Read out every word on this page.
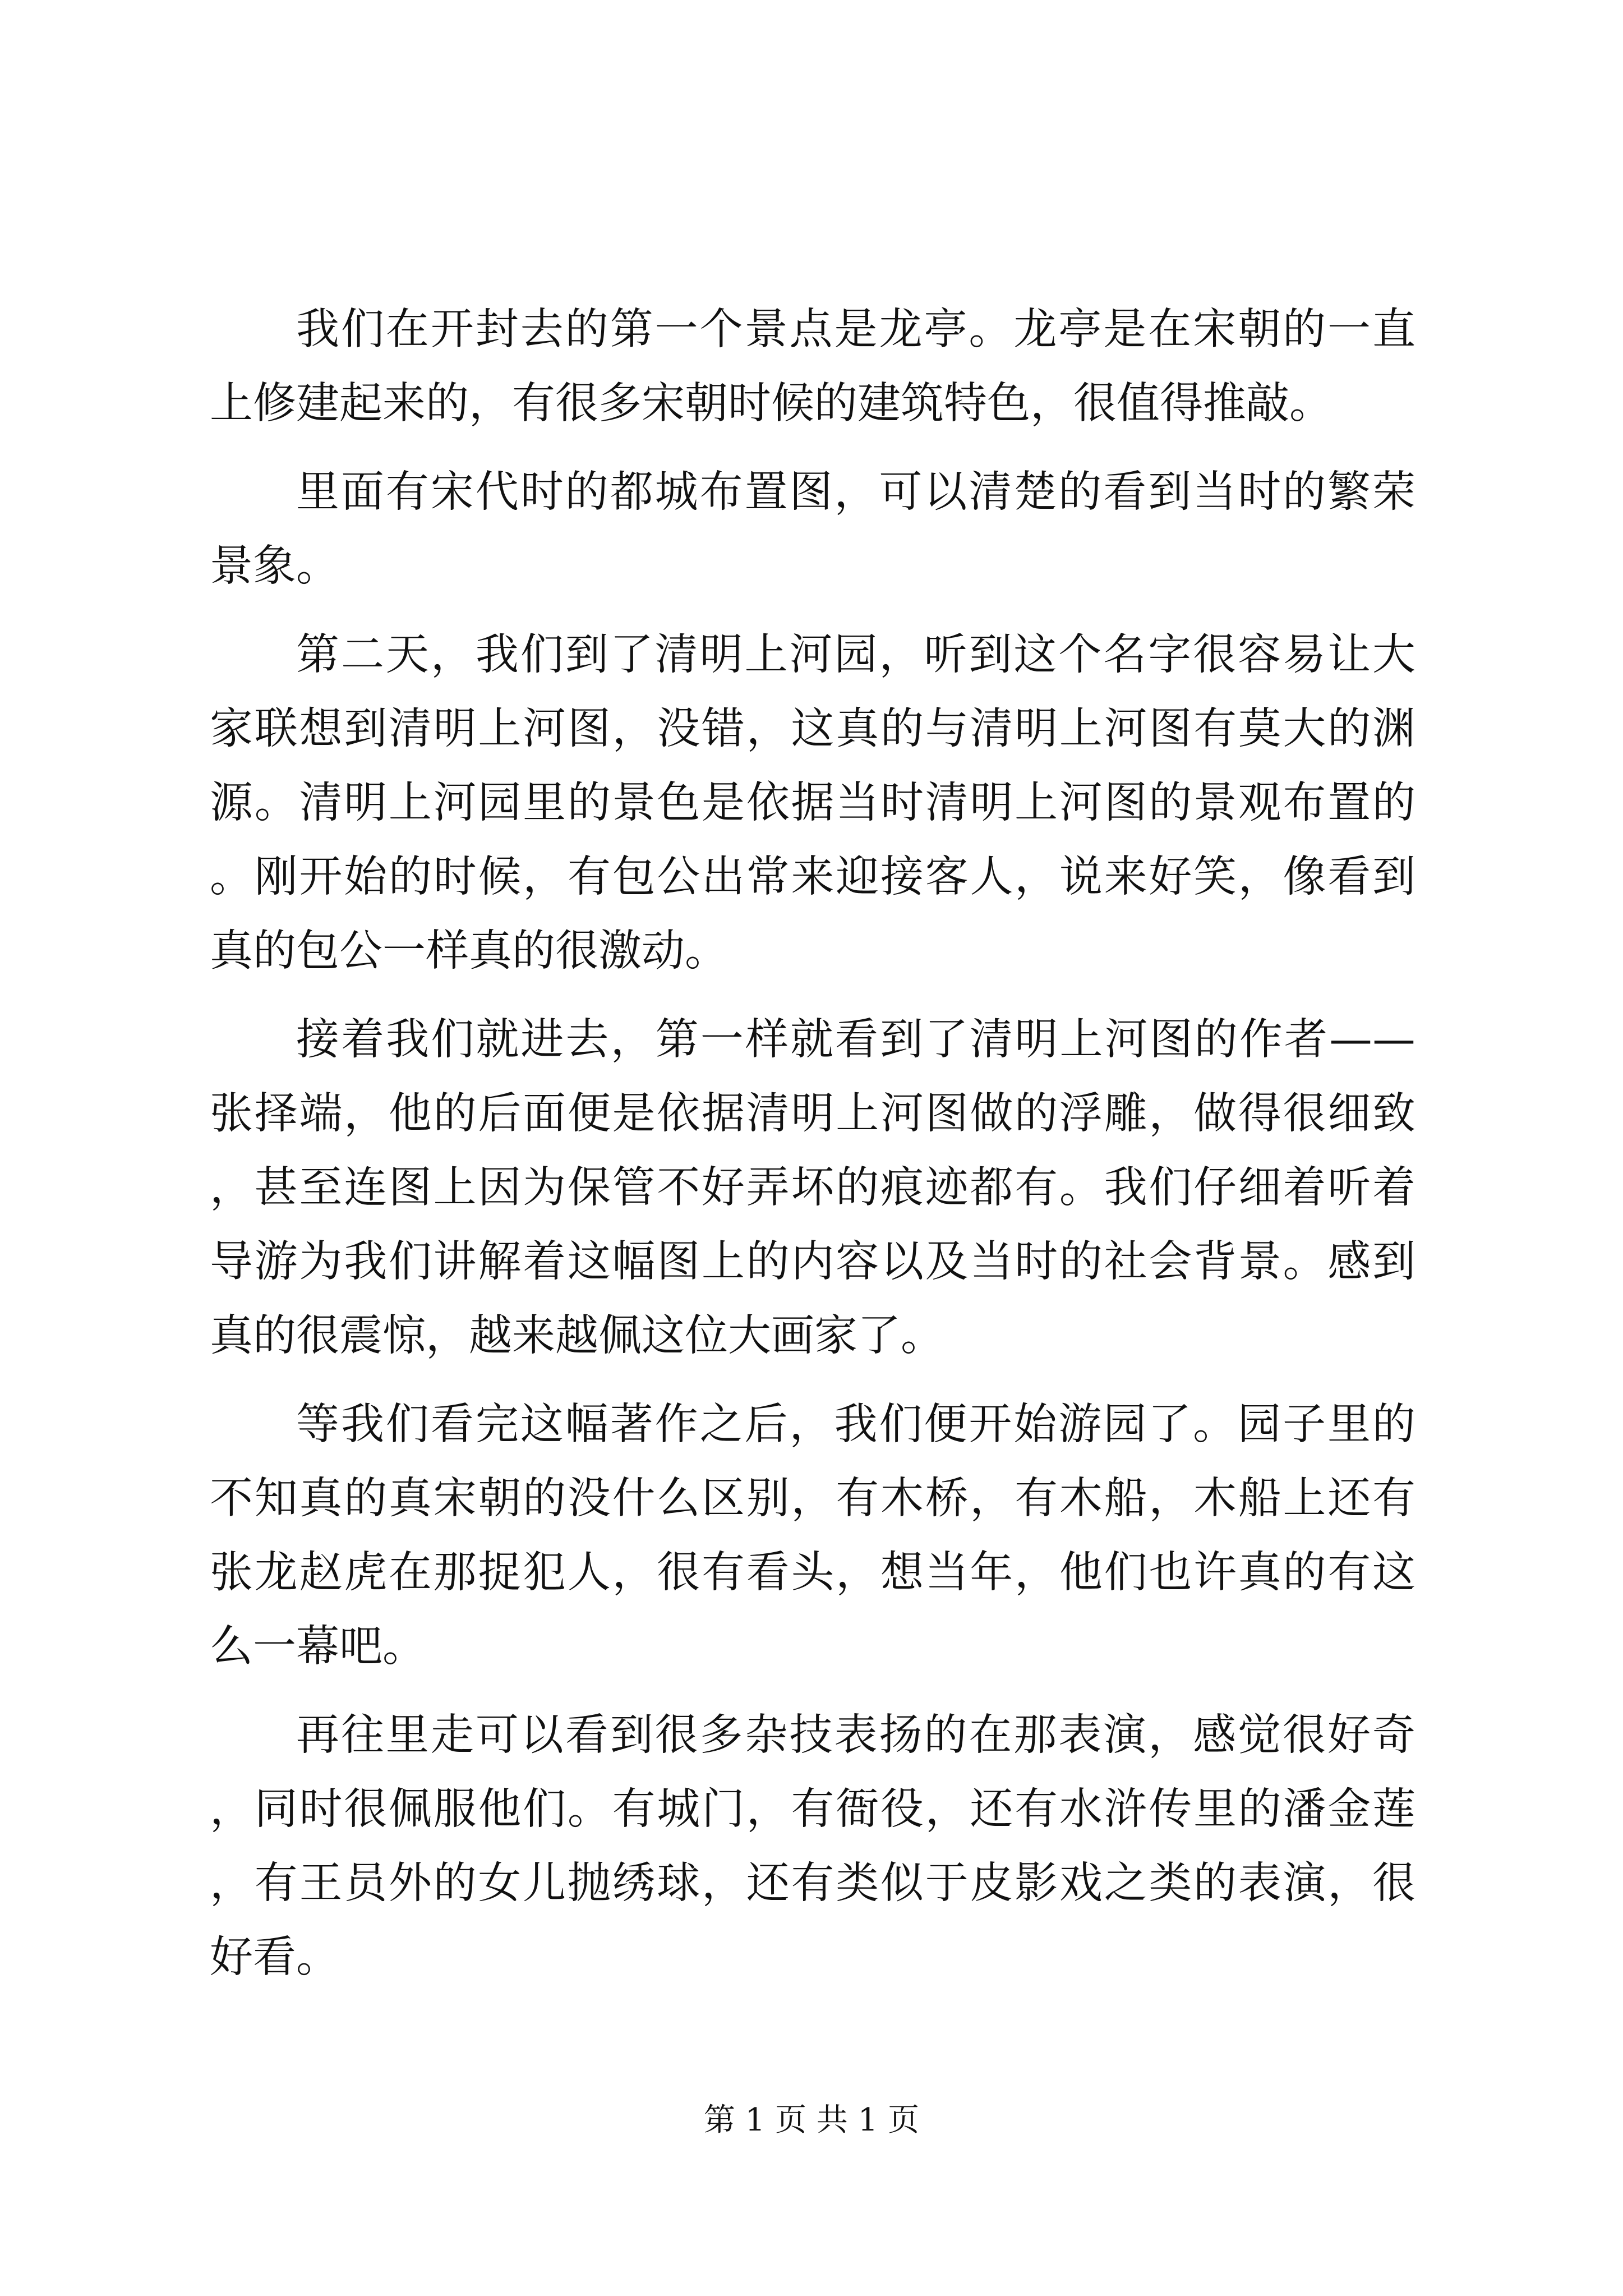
我们在开封去的第一个景点是龙亭。龙亭是在宋朝的一直上修建起来的，有很多宋朝时候的建筑特色，很值得推敲。

里面有宋代时的都城布置图，可以清楚的看到当时的繁荣景象。

第二天，我们到了清明上河园，听到这个名字很容易让大家联想到清明上河图，没错，这真的与清明上河图有莫大的渊源。清明上河园里的景色是依据当时清明上河图的景观布置的。刚开始的时候，有包公出常来迎接客人，说来好笑，像看到真的包公一样真的很激动。

接着我们就进去，第一样就看到了清明上河图的作者——张择端，他的后面便是依据清明上河图做的浮雕，做得很细致，甚至连图上因为保管不好弄坏的痕迹都有。我们仔细着听着导游为我们讲解着这幅图上的内容以及当时的社会背景。感到真的很震惊，越来越佩这位大画家了。

等我们看完这幅著作之后，我们便开始游园了。园子里的不知真的真宋朝的没什么区别，有木桥，有木船，木船上还有张龙赵虎在那捉犯人，很有看头，想当年，他们也许真的有这么一幕吧。

再往里走可以看到很多杂技表扬的在那表演，感觉很好奇，同时很佩服他们。有城门，有衙役，还有水浒传里的潘金莲，有王员外的女儿抛绣球，还有类似于皮影戏之类的表演，很好看。

第 1 页 共 1 页
